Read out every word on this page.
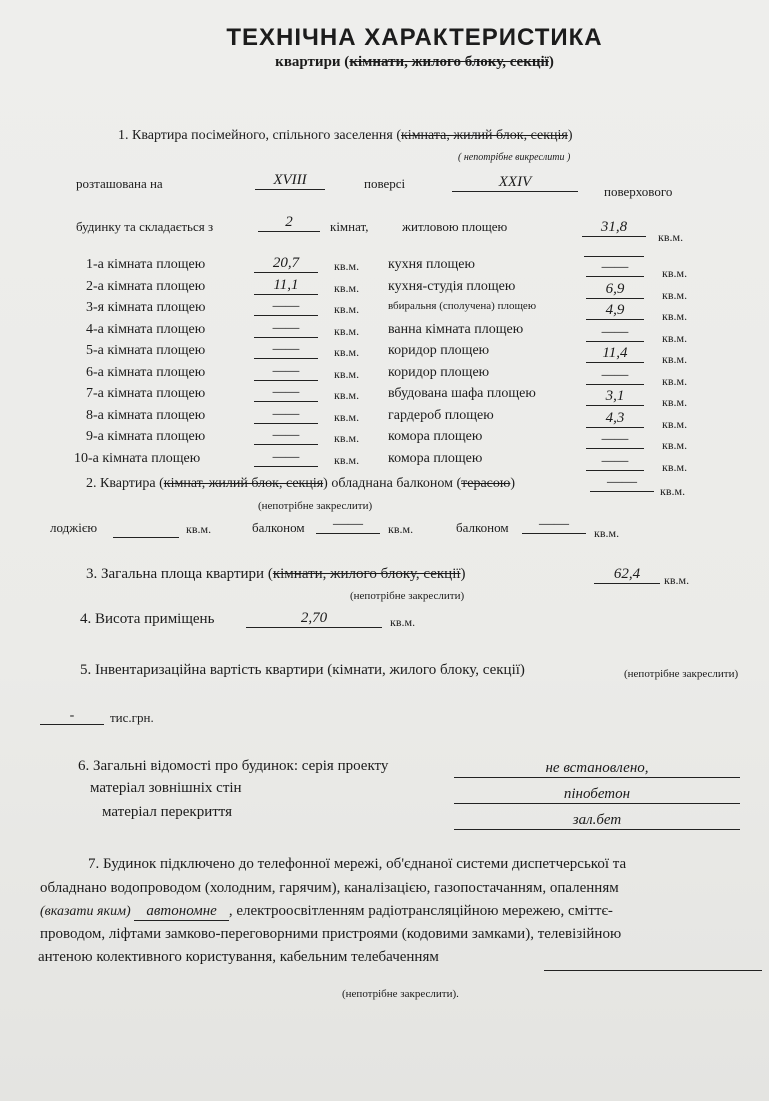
ТЕХНІЧНА ХАРАКТЕРИСТИКА
квартири (кімнати, жилого блоку, секції)
1. Квартира посімейного, спільного заселення (кімната, жилий блок, секція)
( непотрібне викреслити )
розташована на	XVIII	поверсі	XXIV
поверхового
будинку та складається з	2	кімнат,	житловою площею	31,8
кв.м.
2. Квартира (кімнат, жилий блок, секція) обладнана балконом (терасою)	——
кв.м.
(непотрібне закреслити)
лоджією	кв.м.	балконом	——	кв.м.	балконом	——
кв.м.
3. Загальна площа квартири (кімнати, жилого блоку, секції)	62,4	кв.м.
(непотрібне закреслити)
4. Висота приміщень	2,70	кв.м.
5. Інвентаризаційна вартість квартири (кімнати, жилого блоку, секції)	(непотрібне закреслити)
-	тис.грн.
6. Загальні відомості про будинок: серія проекту	не встановлено,
матеріал зовнішніх стін	пінобетон
матеріал перекриття	зал.бет
7. Будинок підключено до телефонної мережі, об'єднаної системи диспетчерської та
обладнано водопроводом (холодним, гарячим), каналізацією, газопостачанням, опаленням
(вказати яким) автономне , електроосвітленням радіотрансляційною мережею, сміттє-
проводом, ліфтами замково-переговорними пристроями (кодовими замками), телевізійною
антеною колективного користування, кабельним телебаченням
(непотрібне закреслити).
1-а кімната площею	20,7	кв.м.
2-а кімната площею	11,1	кв.м.
3-я кімната площею	——	кв.м.
4-а кімната площею	——	кв.м.
5-а кімната площею	——	кв.м.
6-а кімната площею	——	кв.м.
7-а кімната площею	——	кв.м.
8-а кімната площею	——	кв.м.
9-а кімната площею	——	кв.м.
10-а кімната площею	——	кв.м.
кухня площею	——	кв.м.
кухня-студія площею	6,9	кв.м.
вбиральня (сполучена) площею	4,9	кв.м.
ванна кімната площею	——	кв.м.
коридор площею	11,4	кв.м.
коридор площею	——	кв.м.
вбудована шафа площею	3,1	кв.м.
гардероб площею	4,3	кв.м.
комора площею	——	кв.м.
комора площею	——	кв.м.
